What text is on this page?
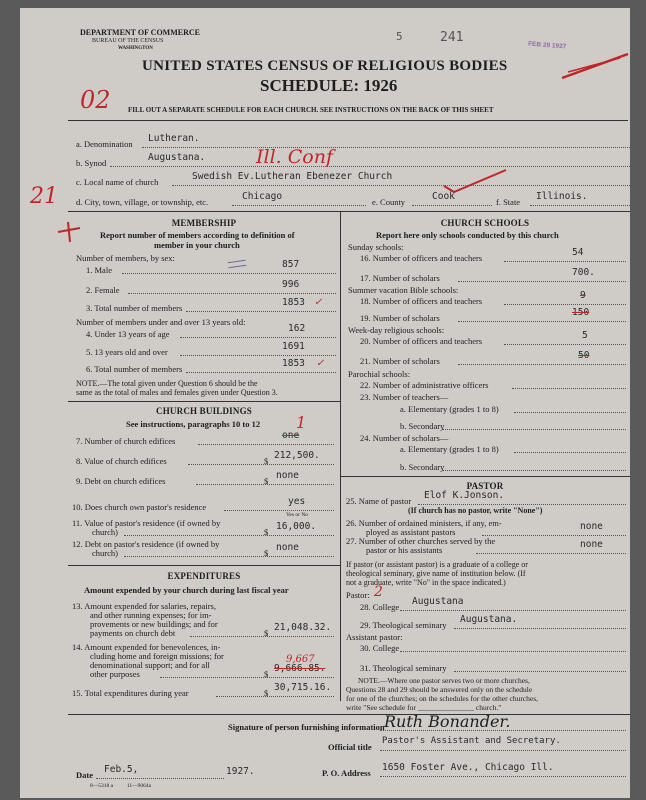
DEPARTMENT OF COMMERCE
BUREAU OF THE CENSUS
WASHINGTON
5	241
FEB 28 1927
UNITED STATES CENSUS OF RELIGIOUS BODIES
SCHEDULE: 1926
02 FILL OUT A SEPARATE SCHEDULE FOR EACH CHURCH. SEE INSTRUCTIONS ON THE BACK OF THIS SHEET
a. Denomination Lutheran.
b. Synod	Augustana.	Ill. Conf
c. Local name of church	Swedish Ev.Lutheran Ebenezer Church
21 d. City, town, village, or township, etc.	Chicago	e. County	Cook	f. State Illinois.
MEMBERSHIP
Report number of members according to definition of
member in your church
Number of members, by sex:
1. Male	857
2. Female	996
3. Total number of members	1853 ✓
Number of members under and over 13 years old:
4. Under 13 years of age	162
5. 13 years old and over	1691
6. Total number of members	1853 ✓
NOTE.—The total given under Question 6 should be the
same as the total of males and females given under Question 3.
CHURCH BUILDINGS
See instructions, paragraphs 10 to 12 1
7. Number of church edifices	one
8. Value of church edifices	$ 212,500.
9. Debt on church edifices	$ none
10. Does church own pastor's residence	yes
Yes or No
11. Value of pastor's residence (if owned by
church)	$ 16,000.
12. Debt on pastor's residence (if owned by
church)	$ none
EXPENDITURES
Amount expended by your church during last fiscal year
13. Amount expended for salaries, repairs,
and other running expenses; for im-
provements or new buildings; and for
payments on church debt	$ 21,048.32.
14. Amount expended for benevolences, in-
cluding home and foreign missions; for
denominational support; and for all
other purposes
9,667
$ 9,666.85.
15. Total expenditures during year	$ 30,715.16.
CHURCH SCHOOLS
Report here only schools conducted by this church
Sunday schools:
16. Number of officers and teachers	54
17. Number of scholars	700.
Summer vacation Bible schools:
18. Number of officers and teachers	9
19. Number of scholars	150
Week-day religious schools:
20. Number of officers and teachers	5
21. Number of scholars	50
Parochial schools:
22. Number of administrative officers
23. Number of teachers—
a. Elementary (grades 1 to 8)
b. Secondary
24. Number of scholars—
a. Elementary (grades 1 to 8)
b. Secondary
PASTOR
25. Name of pastor Elof K.Jonson.
(If church has no pastor, write "None")
26. Number of ordained ministers, if any, em-
ployed as assistant pastors	none
27. Number of other churches served by the
pastor or his assistants	none
If pastor (or assistant pastor) is a graduate of a college or
theological seminary, give name of institution below. (If
not a graduate, write "No" in the space indicated.)
Pastor: 2
28. College Augustana
29. Theological seminary Augustana.
Assistant pastor:
30. College
31. Theological seminary
NOTE.—Where one pastor serves two or more churches,
Questions 28 and 29 should be answered only on the schedule
for one of the churches; on the schedules for the other churches,
write "See schedule for _______________ church."
Signature of person furnishing information Ruth Bonander.
Official title
Pastor's Assistant and Secretary.
Date Feb.5,	1927.	P. O. Address 1650 Foster Ave., Chicago Ill.
8—5318 a          11—9064a
